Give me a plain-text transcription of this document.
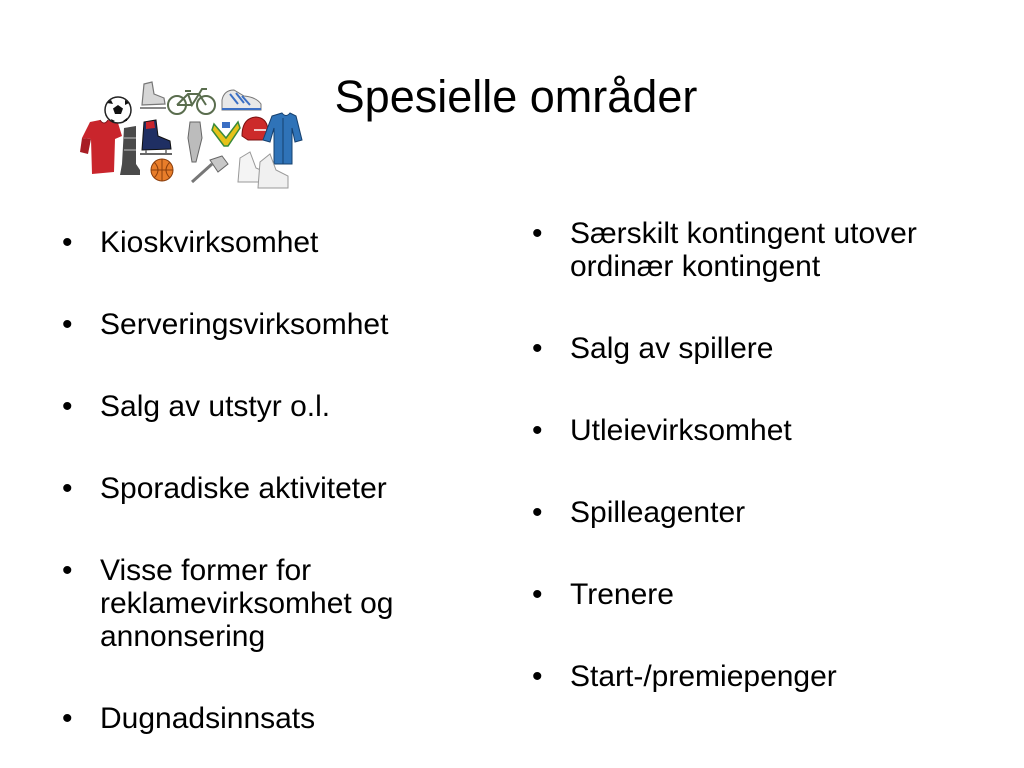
Spesielle områder
• Kioskvirksomhet
• Serveringsvirksomhet
• Salg av utstyr o.l.
• Sporadiske aktiviteter
• Visse former for reklamevirksomhet og annonsering
• Dugnadsinnsats
• Særskilt kontingent utover ordinær kontingent
• Salg av spillere
• Utleievirksomhet
• Spilleagenter
• Trenere
• Start-/premiepenger
